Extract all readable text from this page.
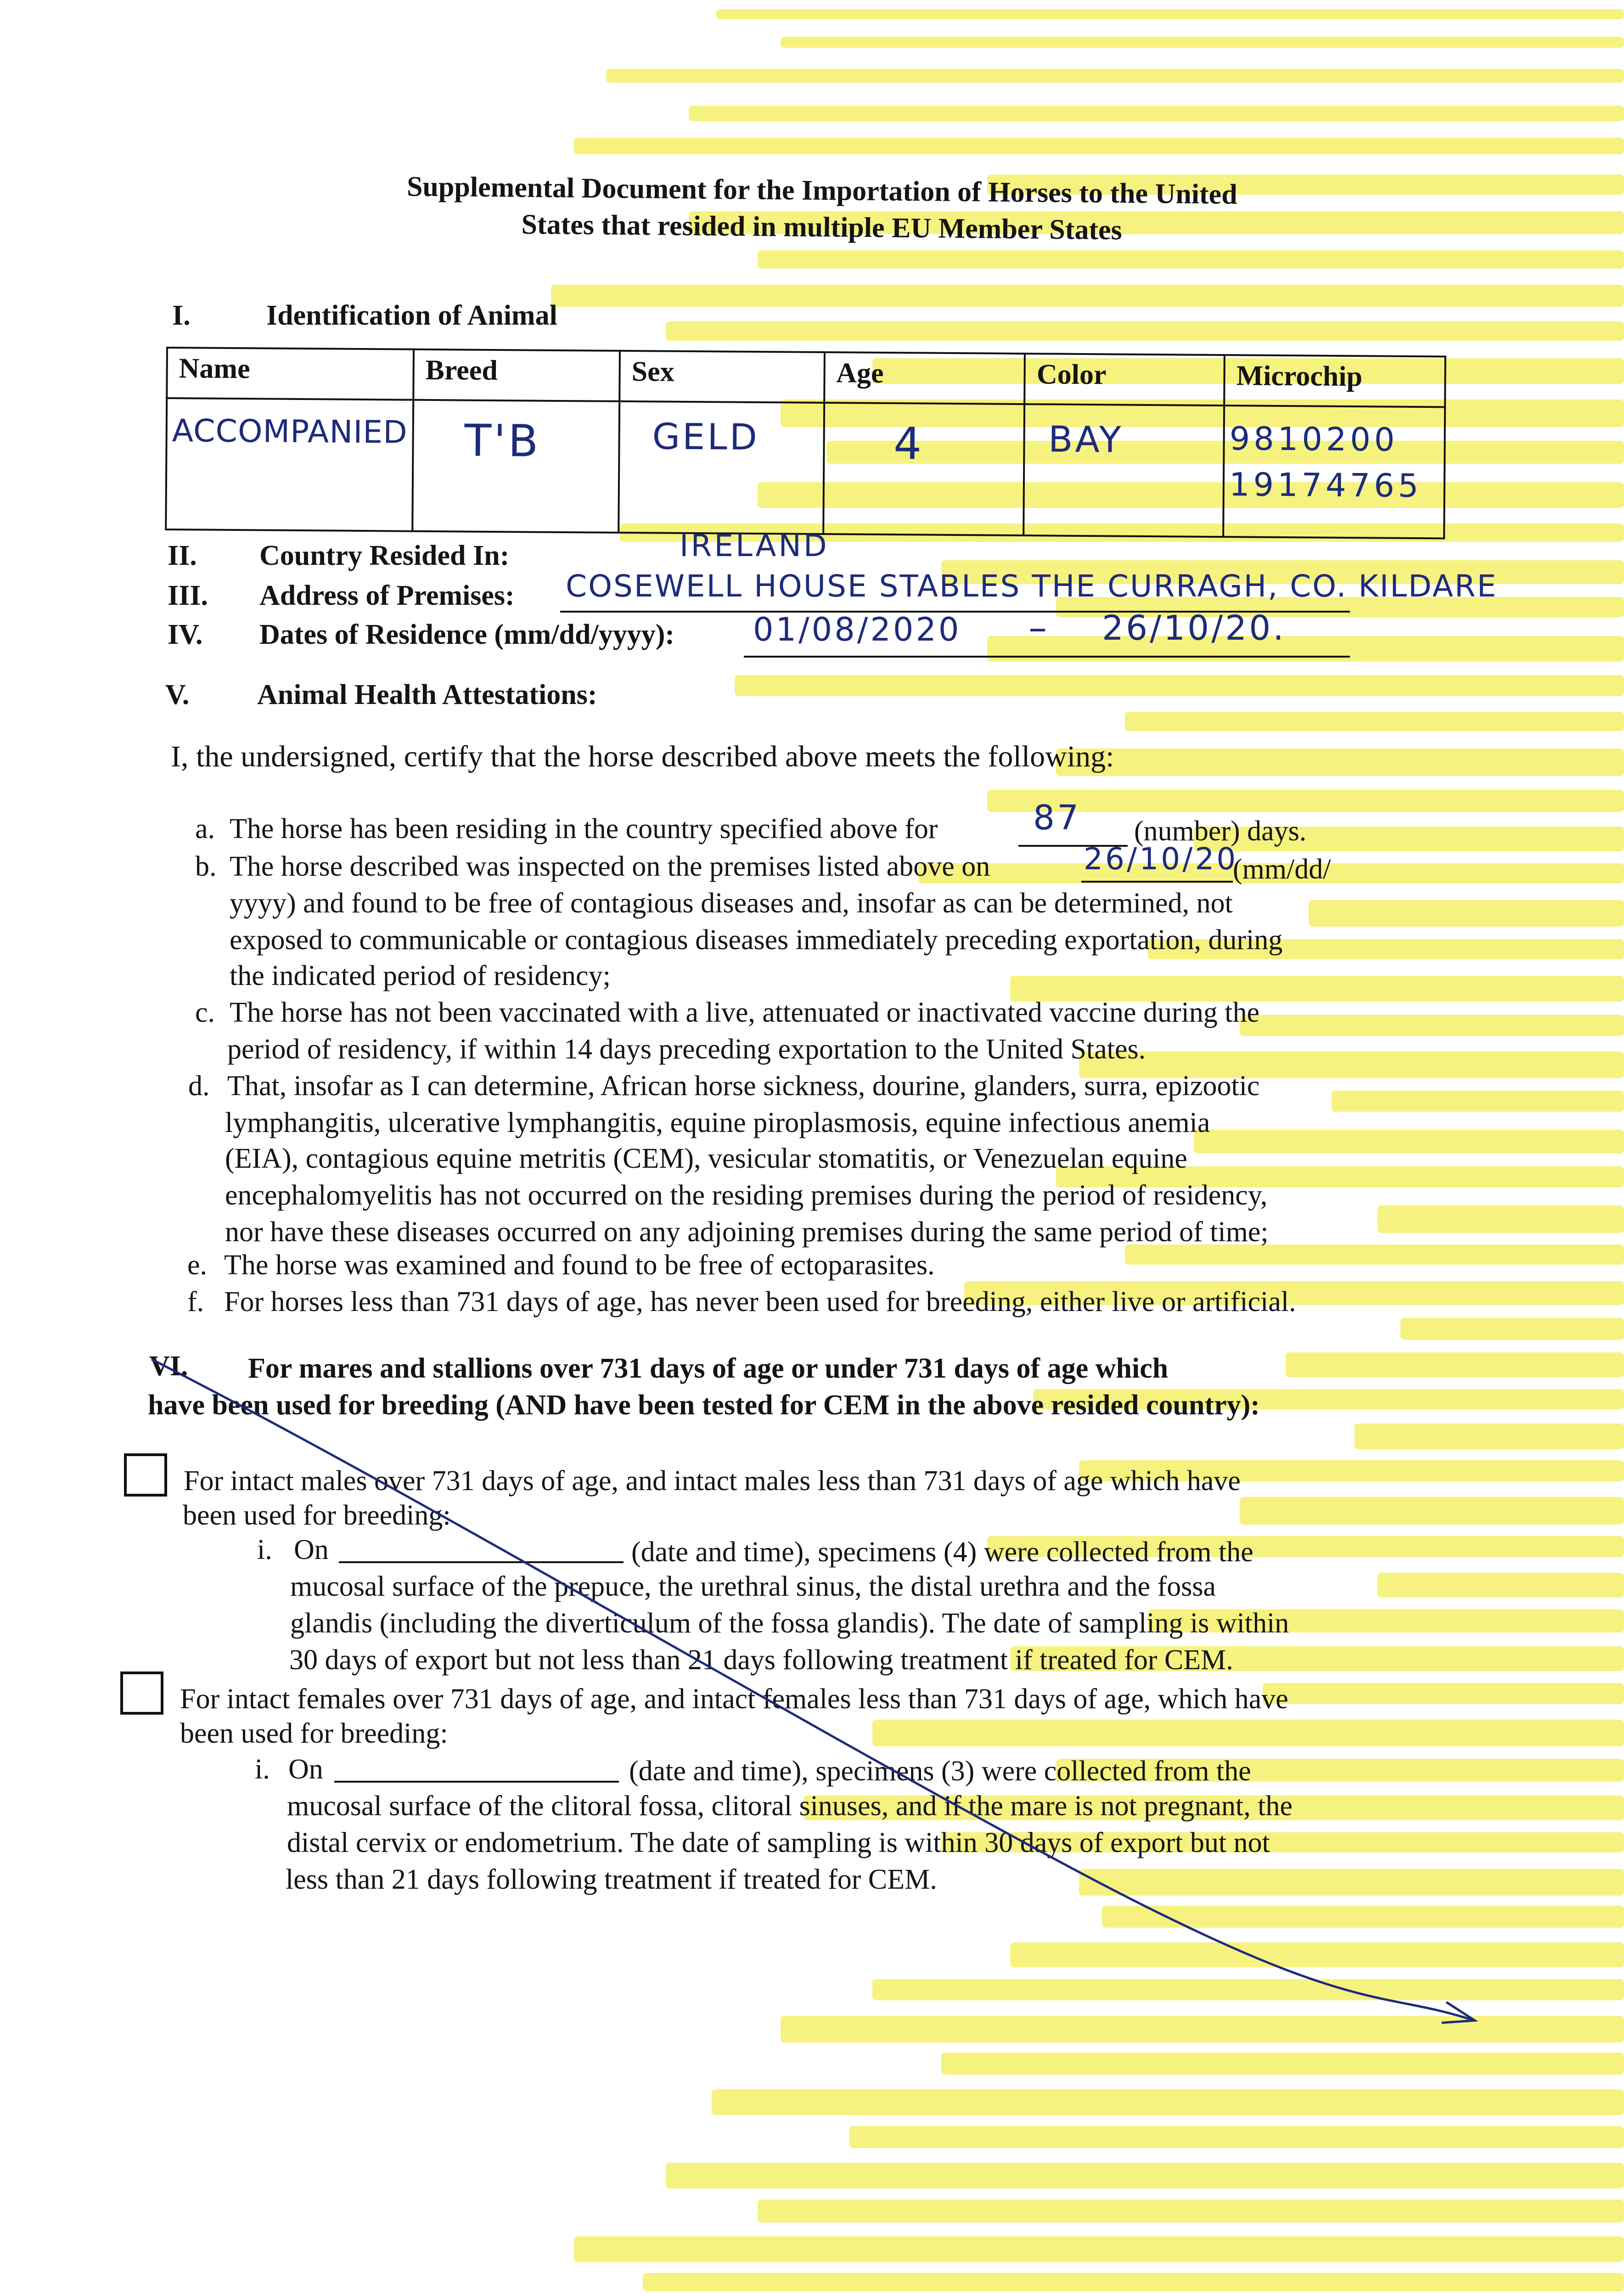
Supplemental Document for the Importation of Horses to the United
States that resided in multiple EU Member States
I.	Identification of Animal
Name	Breed	Sex	Age	Color	Microchip
ACCOMPANIED	T'B	GELD	4	BAY	9810200
19174765
II. Country Resided In:	IRELAND
III. Address of Premises: COSEWELL HOUSE STABLES THE CURRAGH, CO. KILDARE
IV. Dates of Residence (mm/dd/yyyy): 01/08/2020 – 26/10/20.
V. Animal Health Attestations:
I, the undersigned, certify that the horse described above meets the following:
a. The horse has been residing in the country specified above for	87 (number) days.
b. The horse described was inspected on the premises listed above on	26/10/20
(mm/dd/
yyyy) and found to be free of contagious diseases and, insofar as can be determined, not
exposed to communicable or contagious diseases immediately preceding exportation, during
the indicated period of residency;
c. The horse has not been vaccinated with a live, attenuated or inactivated vaccine during the
period of residency, if within 14 days preceding exportation to the United States.
d. That, insofar as I can determine, African horse sickness, dourine, glanders, surra, epizootic
lymphangitis, ulcerative lymphangitis, equine piroplasmosis, equine infectious anemia
(EIA), contagious equine metritis (CEM), vesicular stomatitis, or Venezuelan equine
encephalomyelitis has not occurred on the residing premises during the period of residency,
nor have these diseases occurred on any adjoining premises during the same period of time;
e. The horse was examined and found to be free of ectoparasites.
f. For horses less than 731 days of age, has never been used for breeding, either live or artificial.
VI. For mares and stallions over 731 days of age or under 731 days of age which
have been used for breeding (AND have been tested for CEM in the above resided country):
For intact males over 731 days of age, and intact males less than 731 days of age which have
been used for breeding:
i. On	(date and time), specimens (4) were collected from the
mucosal surface of the prepuce, the urethral sinus, the distal urethra and the fossa
glandis (including the diverticulum of the fossa glandis). The date of sampling is within
30 days of export but not less than 21 days following treatment if treated for CEM.
For intact females over 731 days of age, and intact females less than 731 days of age, which have
been used for breeding:
i. On	(date and time), specimens (3) were collected from the
mucosal surface of the clitoral fossa, clitoral sinuses, and if the mare is not pregnant, the
distal cervix or endometrium. The date of sampling is within 30 days of export but not
less than 21 days following treatment if treated for CEM.
